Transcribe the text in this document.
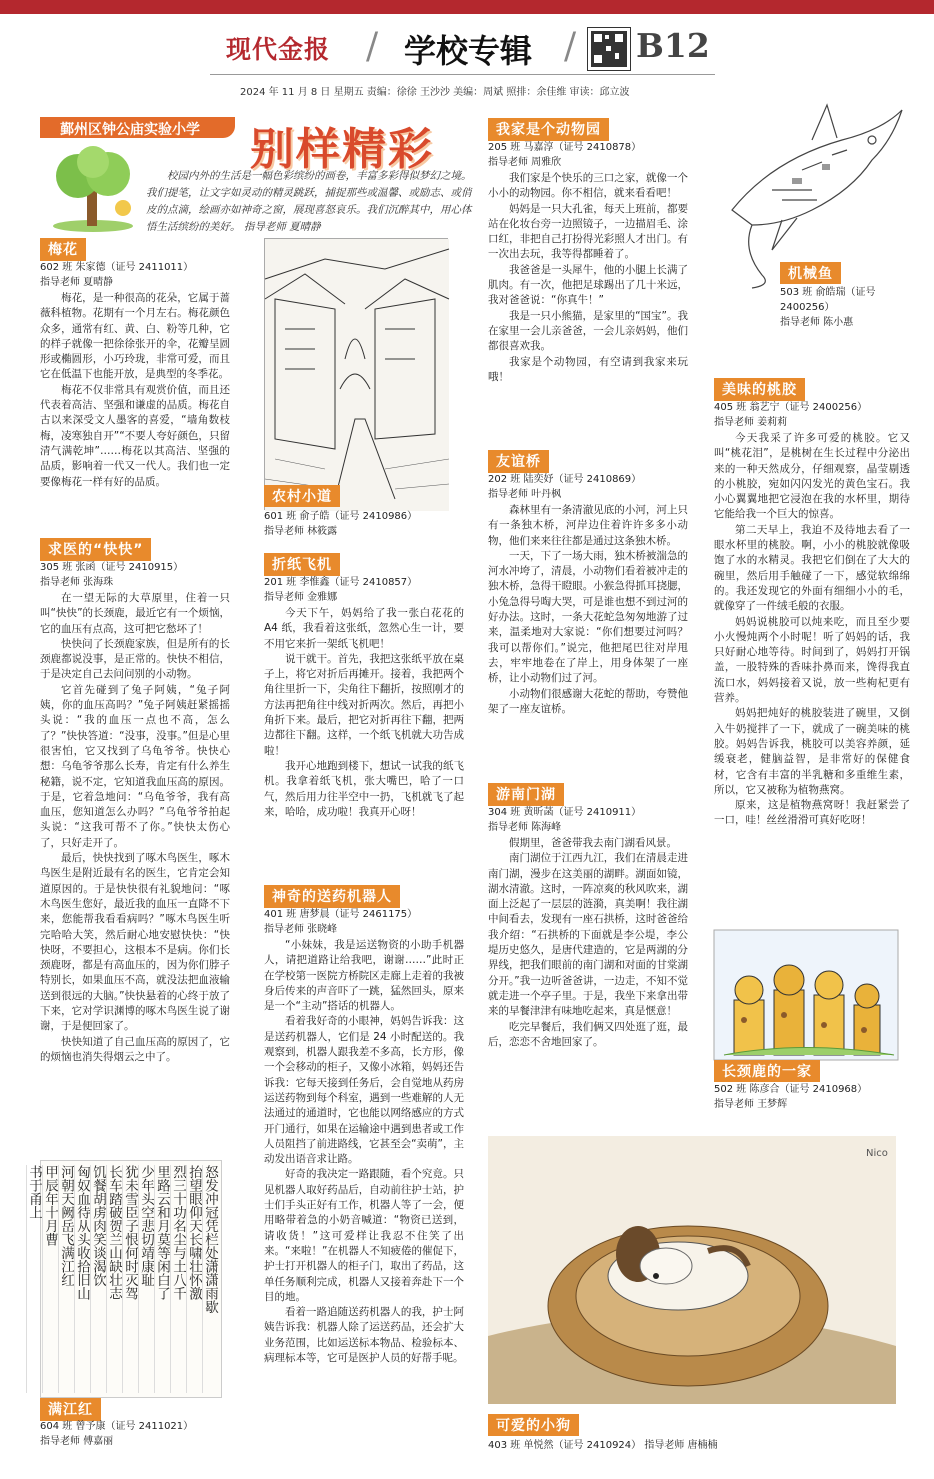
现代金报 / 学校专辑 / B12
2024 年 11 月 8 日 星期五 责编：徐徐 王沙沙 美编：周斌 照排：余佳维 审读：邱立波
鄞州区钟公庙实验小学	别样精彩
校园内外的生活是一幅色彩缤纷的画卷，丰富多彩得似梦幻之境。我们提笔，让文字如灵动的精灵跳跃，捕捉那些或温馨、或励志、或俏皮的点滴，绘画亦如神奇之窗，展现喜怒哀乐。我们沉醉其中，用心体悟生活缤纷的美好。 指导老师 夏晴静
梅花
602 班 朱家德（证号 2411011）
指导老师 夏晴静

梅花，是一种很高的花朵，它属于蔷薇科植物。花期有一个月左右。梅花颜色众多，通常有红、黄、白、粉等几种，它的样子就像一把徐徐张开的伞，花瓣呈圆形或椭圆形，小巧玲珑，非常可爱，而且它在低温下也能开放，是典型的冬季花。

梅花不仅非常具有观赏价值，而且还代表着高洁、坚强和谦虚的品质。梅花自古以来深受文人墨客的喜爱，“墙角数枝梅，凌寒独自开”“不要人夸好颜色，只留清气满乾坤”……梅花以其高洁、坚强的品质，影响着一代又一代人。我们也一定要像梅花一样有好的品质。

求医的“快快”
305 班 张函（证号 2410915）
指导老师 张海珠

在一望无际的大草原里，住着一只叫“快快”的长颈鹿，最近它有一个烦恼，它的血压有点高，这可把它愁坏了！

快快问了长颈鹿家族，但是所有的长颈鹿都说没事，是正常的。快快不相信，于是决定自己去问问别的小动物。

它首先碰到了兔子阿姨，“兔子阿姨，你的血压高吗？”兔子阿姨赶紧摇摇头说：“我的血压一点也不高，怎么了？”快快答道：“没事，没事。”但是心里很害怕，它又找到了乌龟爷爷。快快心想：乌龟爷爷那么长寿，肯定有什么养生秘籍，说不定，它知道我血压高的原因。于是，它着急地问：“乌龟爷爷，我有高血压，您知道怎么办吗？”乌龟爷爷拍起头说：“这我可帮不了你。”快快太伤心了，只好走开了。

最后，快快找到了啄木鸟医生，啄木鸟医生是附近最有名的医生，它肯定会知道原因的。于是快快很有礼貌地问：“啄木鸟医生您好，最近我的血压一直降不下来，您能帮我看看病吗？”啄木鸟医生听完哈哈大笑，然后耐心地安慰快快：“快快呀，不要担心，这根本不是病。你们长颈鹿呀，都是有高血压的，因为你们脖子特别长，如果血压不高，就没法把血液输送到很远的大脑。”快快悬着的心终于放了下来，它对学识渊博的啄木鸟医生说了谢谢，于是便回家了。

快快知道了自己血压高的原因了，它的烦恼也消失得烟云之中了。

怒发冲冠凭栏处潇潇雨歇
抬望眼仰天长啸壮怀激
烈三十功名尘与土八千
里路云和月莫等闲白了
少年头空悲切靖康耻
犹未雪臣子恨何时灭驾
长车踏破贺兰山缺壮志
饥餐胡虏肉笑谈渴饮
匈奴血待从头收拾旧山
河朝天阙岳飞满江红
甲辰年十月曹
书于甬上
满江红
604 班 曾予康（证号 2411021）
指导老师 傅嘉丽
农村小道
601 班 俞子皓（证号 2410986）
指导老师 林筱露
折纸飞机
201 班 李惟鑫（证号 2410857）
指导老师 金雅娜

今天下午，妈妈给了我一张白花花的 A4 纸，我看着这张纸，忽然心生一计，要不用它来折一架纸飞机吧！

说干就干。首先，我把这张纸平放在桌子上，将它对折后再摊开。接着，我把两个角往里折一下，尖角往下翻折，按照刚才的方法再把角往中线对折两次。然后，再把小角折下来。最后，把它对折再往下翻，把两边都往下翻。这样，一个纸飞机就大功告成啦！

我开心地跑到楼下，想试一试我的纸飞机。我拿着纸飞机，张大嘴巴，哈了一口气，然后用力往半空中一扔，飞机就飞了起来，哈哈，成功啦！我真开心呀！

神奇的送药机器人
401 班 唐梦晨（证号 2461175）
指导老师 张晓峰

“小妹妹，我是运送物资的小助手机器人，请把道路让给我吧，谢谢……”此时正在学校第一医院方桥院区走廊上走着的我被身后传来的声音吓了一跳，猛然回头，原来是一个“主动”搭话的机器人。

看着我好奇的小眼神，妈妈告诉我：这是送药机器人，它们是 24 小时配送的。我观察到，机器人跟我差不多高，长方形，像一个会移动的柜子，又像小冰箱，妈妈还告诉我：它每天接到任务后，会自觉地从药房运送药物到每个科室，遇到一些难解的人无法通过的通道时，它也能以网络感应的方式开门通行，如果在运输途中遇到患者或工作人员阻挡了前进路线，它甚至会“卖萌”，主动发出语音求让路。

好奇的我决定一路跟随，看个究竟。只见机器人取好药品后，自动前往护士站，护士们手头正好有工作，机器人等了一会，便用略带着急的小奶音喊道：“物资已送到，请收货！”这可爱样让我忍不住笑了出来。“来啦！”在机器人不知疲倦的催促下，护士打开机器人的柜子门，取出了药品，这单任务顺利完成，机器人又接着奔赴下一个目的地。

看着一路追随送药机器人的我，护士阿姨告诉我：机器人除了运送药品，还会扩大业务范围，比如运送标本物品、检验标本、病理标本等，它可是医护人员的好帮手呢。

我家是个动物园
205 班 马嘉淳（证号 2410878）
指导老师 周雅欣

我们家是个快乐的三口之家，就像一个小小的动物园。你不相信，就来看看吧！

妈妈是一只大孔雀，每天上班前，都要站在化妆台旁一边照镜子，一边描眉毛、涂口红，非把自己打扮得光彩照人才出门。有一次出去玩，我等得都睡着了。

我爸爸是一头犀牛，他的小腿上长满了肌肉。有一次，他把足球踢出了几十米远，我对爸爸说：“你真牛！”

我是一只小熊猫，是家里的“国宝”。我在家里一会儿亲爸爸，一会儿亲妈妈，他们都很喜欢我。

我家是个动物园，有空请到我家来玩哦！

友谊桥
202 班 陆奕妤（证号 2410869）
指导老师 叶丹枫

森林里有一条清澈见底的小河，河上只有一条独木桥，河岸边住着许许多多小动物，他们来来往往都是通过这条独木桥。

一天，下了一场大雨，独木桥被湍急的河水冲垮了，清晨，小动物们看着被冲走的独木桥，急得干瞪眼。小猴急得抓耳挠腮，小兔急得号啕大哭，可是谁也想不到过河的好办法。这时，一条大花蛇急匆匆地游了过来，温柔地对大家说：“你们想要过河吗？我可以帮你们。”说完，他把尾巴往对岸甩去，牢牢地卷在了岸上，用身体架了一座桥，让小动物们过了河。

小动物们很感谢大花蛇的帮助，夸赞他架了一座友谊桥。

游南门湖
304 班 黄昕菡（证号 2410911）
指导老师 陈海峰

假期里，爸爸带我去南门湖看风景。

南门湖位于江西九江，我们在清晨走进南门湖，漫步在这美丽的湖畔。湖面如镜，湖水清澈。这时，一阵凉爽的秋风吹来，湖面上泛起了一层层的涟漪，真美啊！我往湖中间看去，发现有一座石拱桥，这时爸爸给我介绍：“石拱桥的下面就是李公堤，李公堤历史悠久，是唐代建造的，它是两湖的分界线，把我们眼前的南门湖和对面的甘棠湖分开。”我一边听爸爸讲，一边走，不知不觉就走进一个亭子里。于是，我坐下来拿出带来的早餐津津有味地吃起来，真是惬意！

吃完早餐后，我们俩又四处逛了逛，最后，恋恋不舍地回家了。

机械鱼
503 班 俞皓瑞（证号 2400256）
指导老师 陈小惠
美味的桃胶
405 班 翁艺宁（证号 2400256）
指导老师 姜莉莉

今天我采了许多可爱的桃胶。它又叫“桃花泪”，是桃树在生长过程中分泌出来的一种天然成分，仔细观察，晶莹剔透的小桃胶，宛如闪闪发光的黄色宝石。我小心翼翼地把它浸泡在我的水杯里，期待它能给我一个巨大的惊喜。

第二天早上，我迫不及待地去看了一眼水杯里的桃胶。啊，小小的桃胶就像吸饱了水的水精灵。我把它们倒在了大大的碗里，然后用手触碰了一下，感觉软绵绵的。我还发现它的外面有细细小小的毛，就像穿了一件绒毛般的衣服。

妈妈说桃胶可以炖来吃，而且至少要小火慢炖两个小时呢！听了妈妈的话，我只好耐心地等待。时间到了，妈妈打开锅盖，一股特殊的香味扑鼻而来，馋得我直流口水，妈妈接着又说，放一些枸杞更有营养。

妈妈把炖好的桃胶装进了碗里，又倒入牛奶搅拌了一下，就成了一碗美味的桃胶。妈妈告诉我，桃胶可以美容养颜，延缓衰老，健脑益智，是非常好的保健食材，它含有丰富的半乳糖和多重维生素，所以，它又被称为植物燕窝。

原来，这是植物燕窝呀！我赶紧尝了一口，哇！丝丝滑滑可真好吃呀！

长颈鹿的一家
502 班 陈彦合（证号 2410968）
指导老师 王梦辉
Nico
可爱的小狗
403 班 单悦然（证号 2410924） 指导老师 唐楠楠
